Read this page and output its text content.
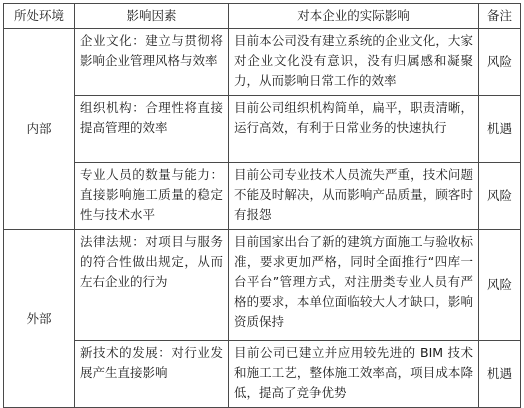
所处环境	影响因素	对本企业的实际影响	备注
内部	企业文化：建立与贯彻将影响企业管理风格与效率	目前本公司没有建立系统的企业文化，大家对企业文化没有意识，没有归属感和凝聚力，从而影响日常工作的效率	风险
	组织机构：合理性将直接提高管理的效率	目前公司组织机构简单，扁平，职责清晰，运行高效，有利于日常业务的快速执行	机遇
	专业人员的数量与能力：直接影响施工质量的稳定性与技术水平	目前公司专业技术人员流失严重，技术问题不能及时解决，从而影响产品质量，顾客时有报怨	风险
外部	法律法规：对项目与服务的符合性做出规定，从而左右企业的行为	目前国家出台了新的建筑方面施工与验收标准，要求更加严格，同时全面推行“四库一台平台”管理方式，对注册类专业人员有严格的要求，本单位面临较大人才缺口，影响资质保持	风险
	新技术的发展：对行业发展产生直接影响	目前公司已建立并应用较先进的 BIM 技术和施工工艺，整体施工效率高，项目成本降低，提高了竞争优势	机遇
